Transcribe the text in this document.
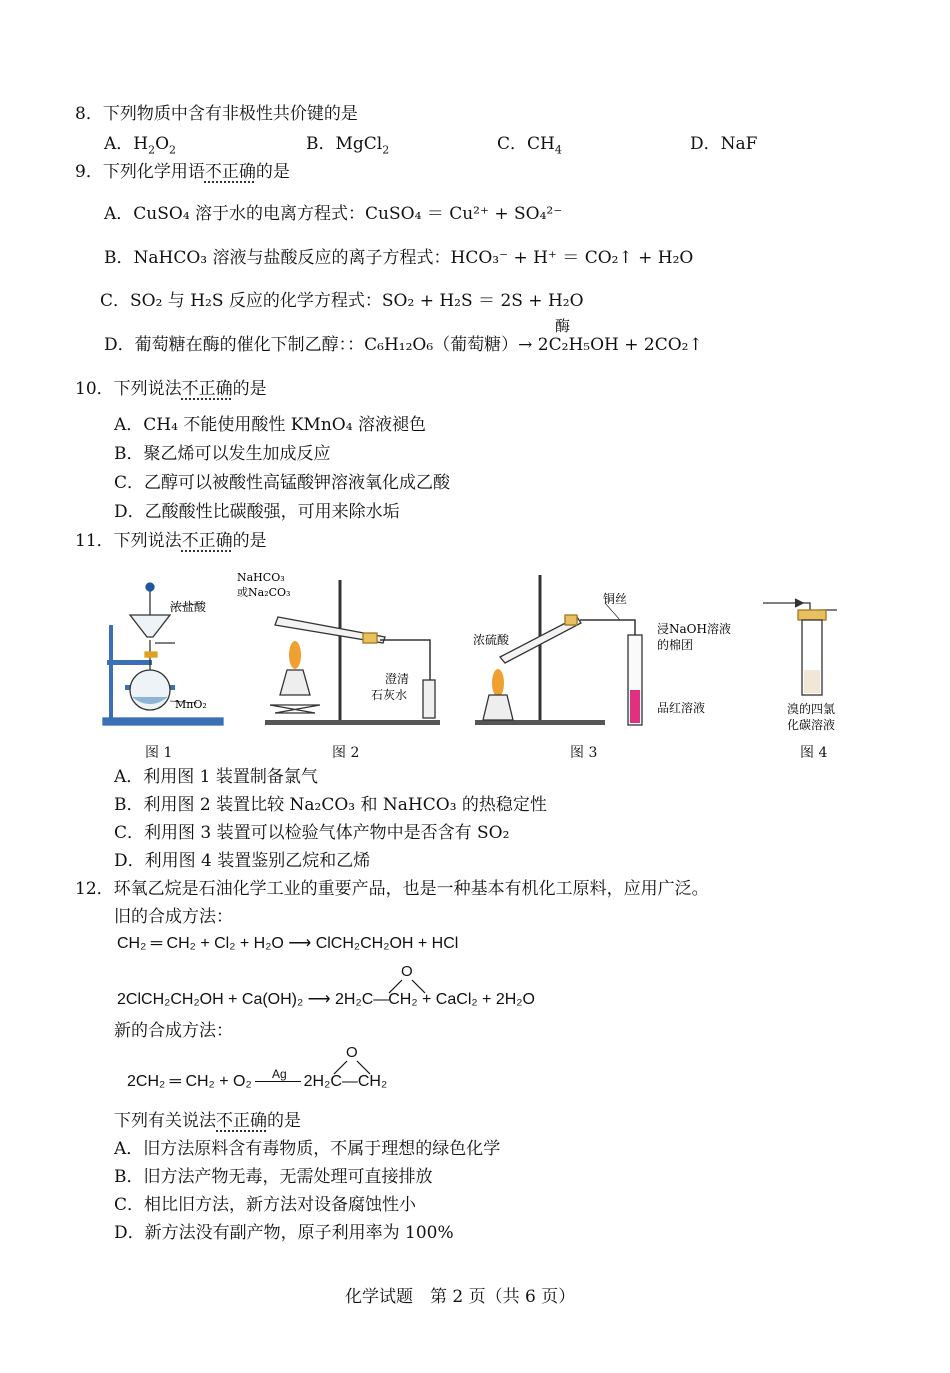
8．下列物质中含有非极性共价键的是
A．$H_2O_2$	B．MgCl$_2$	C．$CH_4$	D．NaF
9．下列化学用语不正确的是
A．CuSO₄ 溶于水的电离方程式：CuSO₄ ＝ Cu²⁺ + SO₄²⁻
B．NaHCO₃ 溶液与盐酸反应的离子方程式：HCO₃⁻ + H⁺ ＝ CO₂↑ + H₂O
C．SO₂ 与 H₂S 反应的化学方程式：SO₂ + H₂S ＝ 2S + H₂O
酶
D．葡萄糖在酶的催化下制乙醇：：C₆H₁₂O₆（葡萄糖）→ 2C₂H₅OH + 2CO₂↑
10．下列说法不正确的是
A．CH₄ 不能使用酸性 KMnO₄ 溶液褪色
B．聚乙烯可以发生加成反应
C．乙醇可以被酸性高锰酸钾溶液氧化成乙酸
D．乙酸酸性比碳酸强，可用来除水垢
11．下列说法不正确的是
浓盐酸
MnO₂
NaHCO₃
或Na₂CO₃
澄清
石灰水
铜丝
浓硫酸
浸NaOH溶液
的棉团
品红溶液	溴的四氯
化碳溶液
图 1	图 2	图 3	图 4
A．利用图 1 装置制备氯气
B．利用图 2 装置比较 Na₂CO₃ 和 NaHCO₃ 的热稳定性
C．利用图 3 装置可以检验气体产物中是否含有 SO₂
D．利用图 4 装置鉴别乙烷和乙烯
12．环氧乙烷是石油化学工业的重要产品，也是一种基本有机化工原料，应用广泛。
旧的合成方法：
CH₂ ═ CH₂ + Cl₂ + H₂O ⟶ ClCH₂CH₂OH + HCl
O
2ClCH₂CH₂OH + Ca(OH)₂ ⟶ 2H₂C—CH₂ + CaCl₂ + 2H₂O
新的合成方法：
Ag
O
2CH₂ ═ CH₂ + O₂	2H₂C—CH₂
下列有关说法不正确的是
A．旧方法原料含有毒物质，不属于理想的绿色化学
B．旧方法产物无毒，无需处理可直接排放
C．相比旧方法，新方法对设备腐蚀性小
D．新方法没有副产物，原子利用率为 100%
化学试题　第 2 页（共 6 页）
